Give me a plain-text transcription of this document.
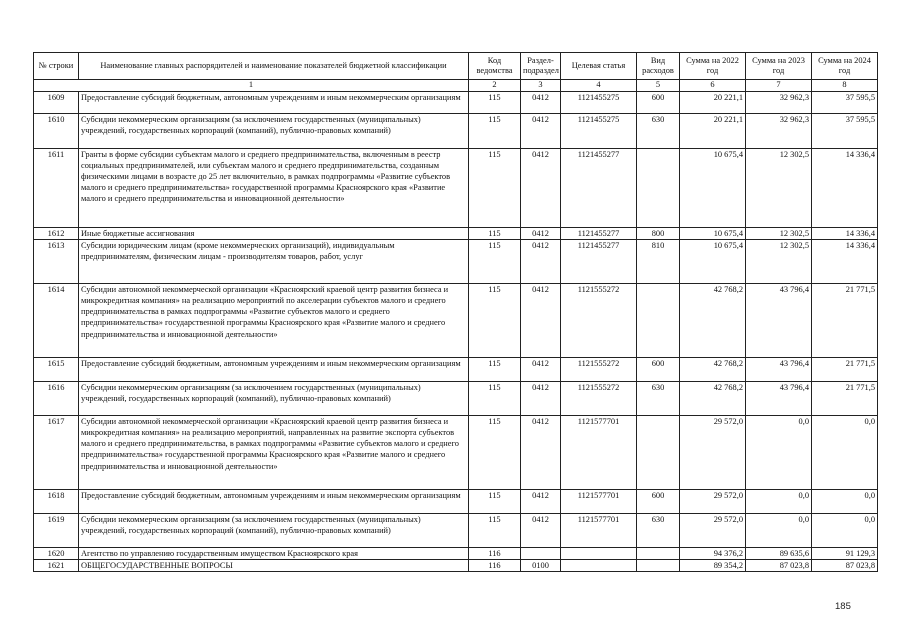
№ строки	Наименование главных распорядителей и наименование показателей бюджетной классификации	Код ведомства	Раздел-подраздел	Целевая статья	Вид расходов	Сумма на 2022 год	Сумма на 2023 год	Сумма на 2024 год
1		2	3	4	5	6	7	8
1609	Предоставление субсидий бюджетным, автономным учреждениям и иным некоммерческим организациям	115	0412	1121455275	600	20 221,1	32 962,3	37 595,5
1610	Субсидии некоммерческим организациям (за исключением государственных (муниципальных) учреждений, государственных корпораций (компаний), публично-правовых компаний)	115	0412	1121455275	630	20 221,1	32 962,3	37 595,5
1611	Гранты в форме субсидии субъектам малого и среднего предпринимательства, включенным в реестр социальных предпринимателей, или субъектам малого и среднего предпринимательства, созданным физическими лицами в возрасте до 25 лет включительно, в рамках подпрограммы «Развитие субъектов малого и среднего предпринимательства» государственной программы Красноярского края «Развитие малого и среднего предпринимательства и инновационной деятельности»	115	0412	1121455277		10 675,4	12 302,5	14 336,4
1612	Иные бюджетные ассигнования	115	0412	1121455277	800	10 675,4	12 302,5	14 336,4
1613	Субсидии юридическим лицам (кроме некоммерческих организаций), индивидуальным предпринимателям, физическим лицам - производителям товаров, работ, услуг	115	0412	1121455277	810	10 675,4	12 302,5	14 336,4
1614	Субсидии автономной некоммерческой организации «Красноярский краевой центр развития бизнеса и микрокредитная компания» на реализацию мероприятий по акселерации субъектов малого и среднего предпринимательства в рамках подпрограммы «Развитие субъектов малого и среднего предпринимательства» государственной программы Красноярского края «Развитие малого и среднего предпринимательства и инновационной деятельности»	115	0412	1121555272		42 768,2	43 796,4	21 771,5
1615	Предоставление субсидий бюджетным, автономным учреждениям и иным некоммерческим организациям	115	0412	1121555272	600	42 768,2	43 796,4	21 771,5
1616	Субсидии некоммерческим организациям (за исключением государственных (муниципальных) учреждений, государственных корпораций (компаний), публично-правовых компаний)	115	0412	1121555272	630	42 768,2	43 796,4	21 771,5
1617	Субсидии автономной некоммерческой организации «Красноярский краевой центр развития бизнеса и микрокредитная компания» на реализацию мероприятий, направленных на развитие экспорта субъектов малого и среднего предпринимательства, в рамках подпрограммы «Развитие субъектов малого и среднего предпринимательства» государственной программы Красноярского края «Развитие малого и среднего предпринимательства и инновационной деятельности»	115	0412	1121577701		29 572,0	0,0	0,0
1618	Предоставление субсидий бюджетным, автономным учреждениям и иным некоммерческим организациям	115	0412	1121577701	600	29 572,0	0,0	0,0
1619	Субсидии некоммерческим организациям (за исключением государственных (муниципальных) учреждений, государственных корпораций (компаний), публично-правовых компаний)	115	0412	1121577701	630	29 572,0	0,0	0,0
1620	Агентство по управлению государственным имуществом Красноярского края	116				94 376,2	89 635,6	91 129,3
1621	ОБЩЕГОСУДАРСТВЕННЫЕ ВОПРОСЫ	116	0100			89 354,2	87 023,8	87 023,8
185
